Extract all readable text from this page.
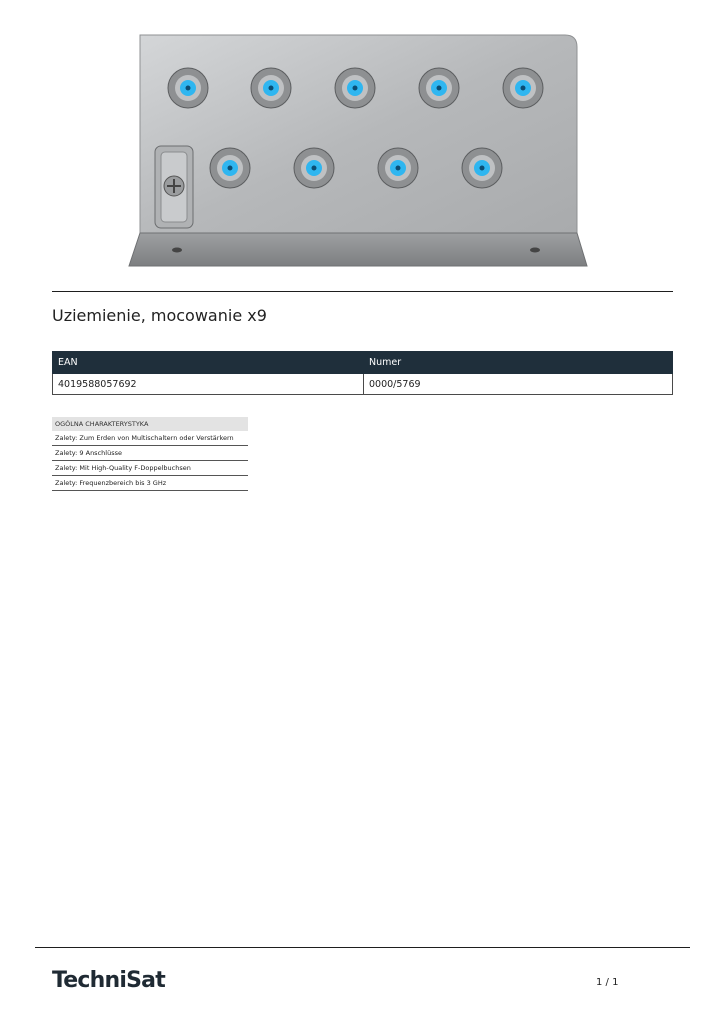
Uziemienie, mocowanie x9
EAN	Numer
4019588057692	0000/5769
OGÓLNA CHARAKTERYSTYKA
Zalety: Zum Erden von Multischaltern oder Verstärkern
Zalety: 9 Anschlüsse
Zalety: Mit High-Quality F-Doppelbuchsen
Zalety: Frequenzbereich bis 3 GHz
TechniSat	1 / 1
